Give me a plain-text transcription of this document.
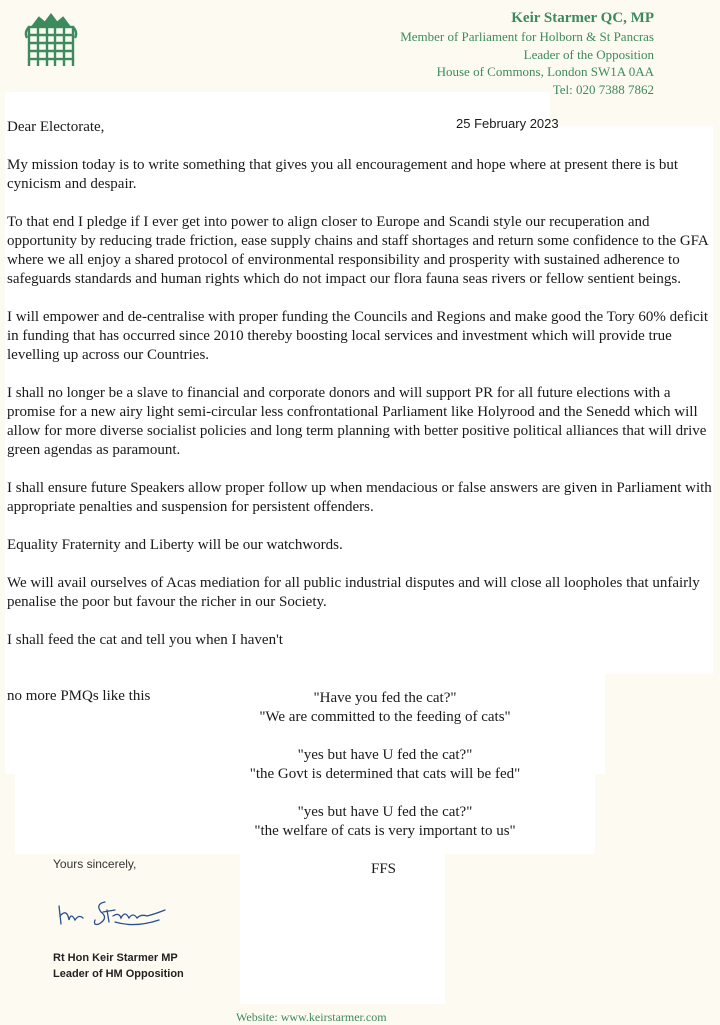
Keir Starmer QC, MP
Member of Parliament for Holborn & St Pancras
Leader of the Opposition
House of Commons, London SW1A 0AA
Tel: 020 7388 7862
25 February 2023

Dear Electorate,

My mission today is to write something that gives you all encouragement and hope where at present there is but cynicism and despair.

To that end I pledge if I ever get into power to align closer to Europe and Scandi style our recuperation and opportunity by reducing trade friction, ease supply chains and staff shortages and return some confidence to the GFA where we all enjoy a shared protocol of environmental responsibility and prosperity with sustained adherence to safeguards standards and human rights which do not impact our flora fauna seas rivers or fellow sentient beings.

I will empower and de-centralise with proper funding the Councils and Regions and make good the Tory 60% deficit in funding that has occurred since 2010 thereby boosting local services and investment which will provide true levelling up across our Countries.

I shall no longer be a slave to financial and corporate donors and will support PR for all future elections with a promise for a new airy light semi-circular less confrontational Parliament like Holyrood and the Senedd which will allow for more diverse socialist policies and long term planning with better positive political alliances that will drive green agendas as paramount.

I shall ensure future Speakers allow proper follow up when mendacious or false answers are given in Parliament with appropriate penalties and suspension for persistent offenders.

Equality Fraternity and Liberty will be our watchwords.

We will avail ourselves of Acas mediation for all public industrial disputes and will close all loopholes that unfairly penalise the poor but favour the richer in our Society.

I shall feed the cat and tell you when I haven't

no more PMQs like this	"Have you fed the cat?"
"We are committed to the feeding of cats"
"yes but have U fed the cat?"
"the Govt is determined that cats will be fed"
"yes but have U fed the cat?"
"the welfare of cats is very important to us"
Yours sincerely,	FFS
Rt Hon Keir Starmer MP
Leader of HM Opposition
Website: www.keirstarmer.com
